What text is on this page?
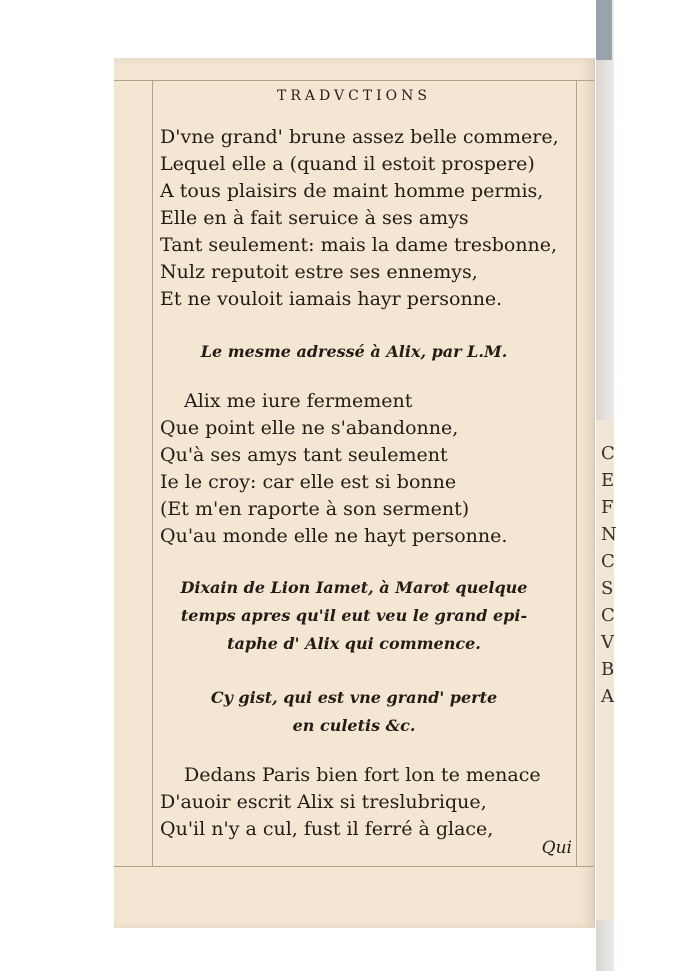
C
E
F
N
C
S
C
V
B
A
TRADVCTIONS
D'vne grand' brune assez belle commere,
Lequel elle a (quand il estoit prospere)
A tous plaisirs de maint homme permis,
Elle en à fait seruice à ses amys
Tant seulement: mais la dame tresbonne,
Nulz reputoit estre ses ennemys,
Et ne vouloit iamais hayr personne.
Le mesme adressé à Alix, par L.M.
Alix me iure fermement
Que point elle ne s'abandonne,
Qu'à ses amys tant seulement
Ie le croy: car elle est si bonne
(Et m'en raporte à son serment)
Qu'au monde elle ne hayt personne.
Dixain de Lion Iamet, à Marot quelque
temps apres qu'il eut veu le grand epi-
taphe d' Alix qui commence.
Cy gist, qui est vne grand' perte
en culetis &c.
Dedans Paris bien fort lon te menace
D'auoir escrit Alix si treslubrique,
Qu'il n'y a cul, fust il ferré à glace,
Qui
